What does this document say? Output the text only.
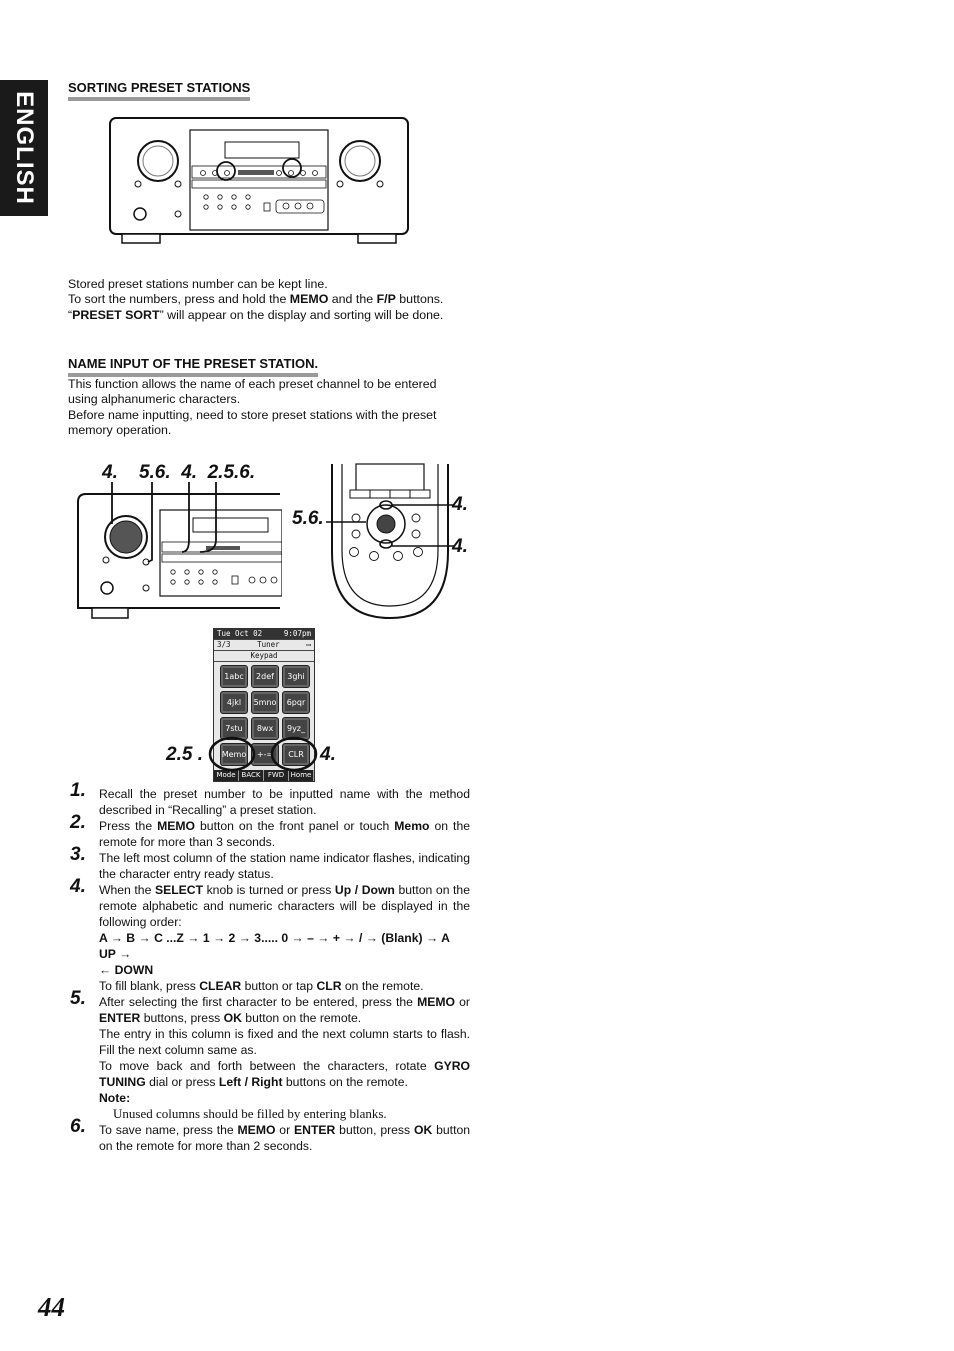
ENGLISH
SORTING PRESET STATIONS

Stored preset stations number can be kept line.

To sort the numbers, press and hold the MEMO and the F/P buttons.

“PRESET SORT” will appear on the display and sorting will be done.

NAME INPUT OF THE PRESET STATION.

This function allows the name of each preset channel to be entered using alphanumeric characters.

Before name inputting, need to store preset stations with the preset memory operation.

4.    5.6.  4.  2.5.6.
5.6.
4.
4.
2.5 .	4.
Tue Oct 02	9:07pm
3/3	Tuner	▭
Keypad
1abc	2def	3ghi
4jkl	5mno	6pqr
7stu	8wx	9yz_
Memo	+-=	CLR
Mode BACK	FWD Home
1. Recall the preset number to be inputted name with the method described in “Recalling” a preset station.

2. Press the MEMO button on the front panel or touch Memo on the remote for more than 3 seconds.

3. The left most column of the station name indicator flashes, indicating the character entry ready status.

4. When the SELECT knob is turned or press Up / Down button on the remote alphabetic and numeric characters will be displayed in the following order:

A → B → C ...Z → 1 → 2 → 3..... 0 → – → + → / → (Blank) → A

UP →

← DOWN

To fill blank, press CLEAR button or tap CLR on the remote.

5. After selecting the first character to be entered, press the MEMO or ENTER buttons, press OK button on the remote.

The entry in this column is fixed and the next column starts to flash. Fill the next column same as.

To move back and forth between the characters, rotate GYRO TUNING dial or press Left / Right buttons on the remote.

Note:

Unused columns should be filled by entering blanks.

6. To save name, press the MEMO or ENTER button, press OK button on the remote for more than 2 seconds.

44
